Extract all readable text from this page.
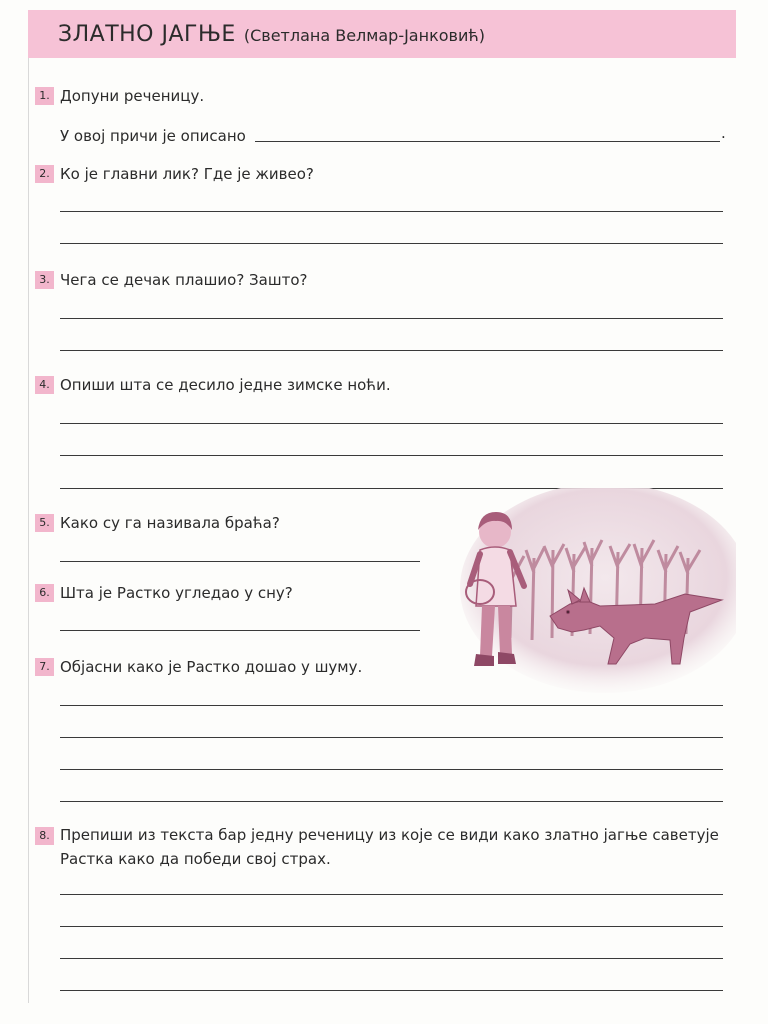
ЗЛАТНО ЈАГЊЕ (Светлана Велмар-Јанковић)
1. Допуни реченицу.
У овој причи је описано	.
2. Ко је главни лик? Где је живео?
3. Чега се дечак плашио? Зашто?
4. Опиши шта се десило једне зимске ноћи.
5. Како су га називала браћа?
6. Шта је Растко угледао у сну?
7. Објасни како је Растко дошао у шуму.
8. Препиши из текста бар једну реченицу из које се види како златно јагње саветује Растка како да победи свој страх.
